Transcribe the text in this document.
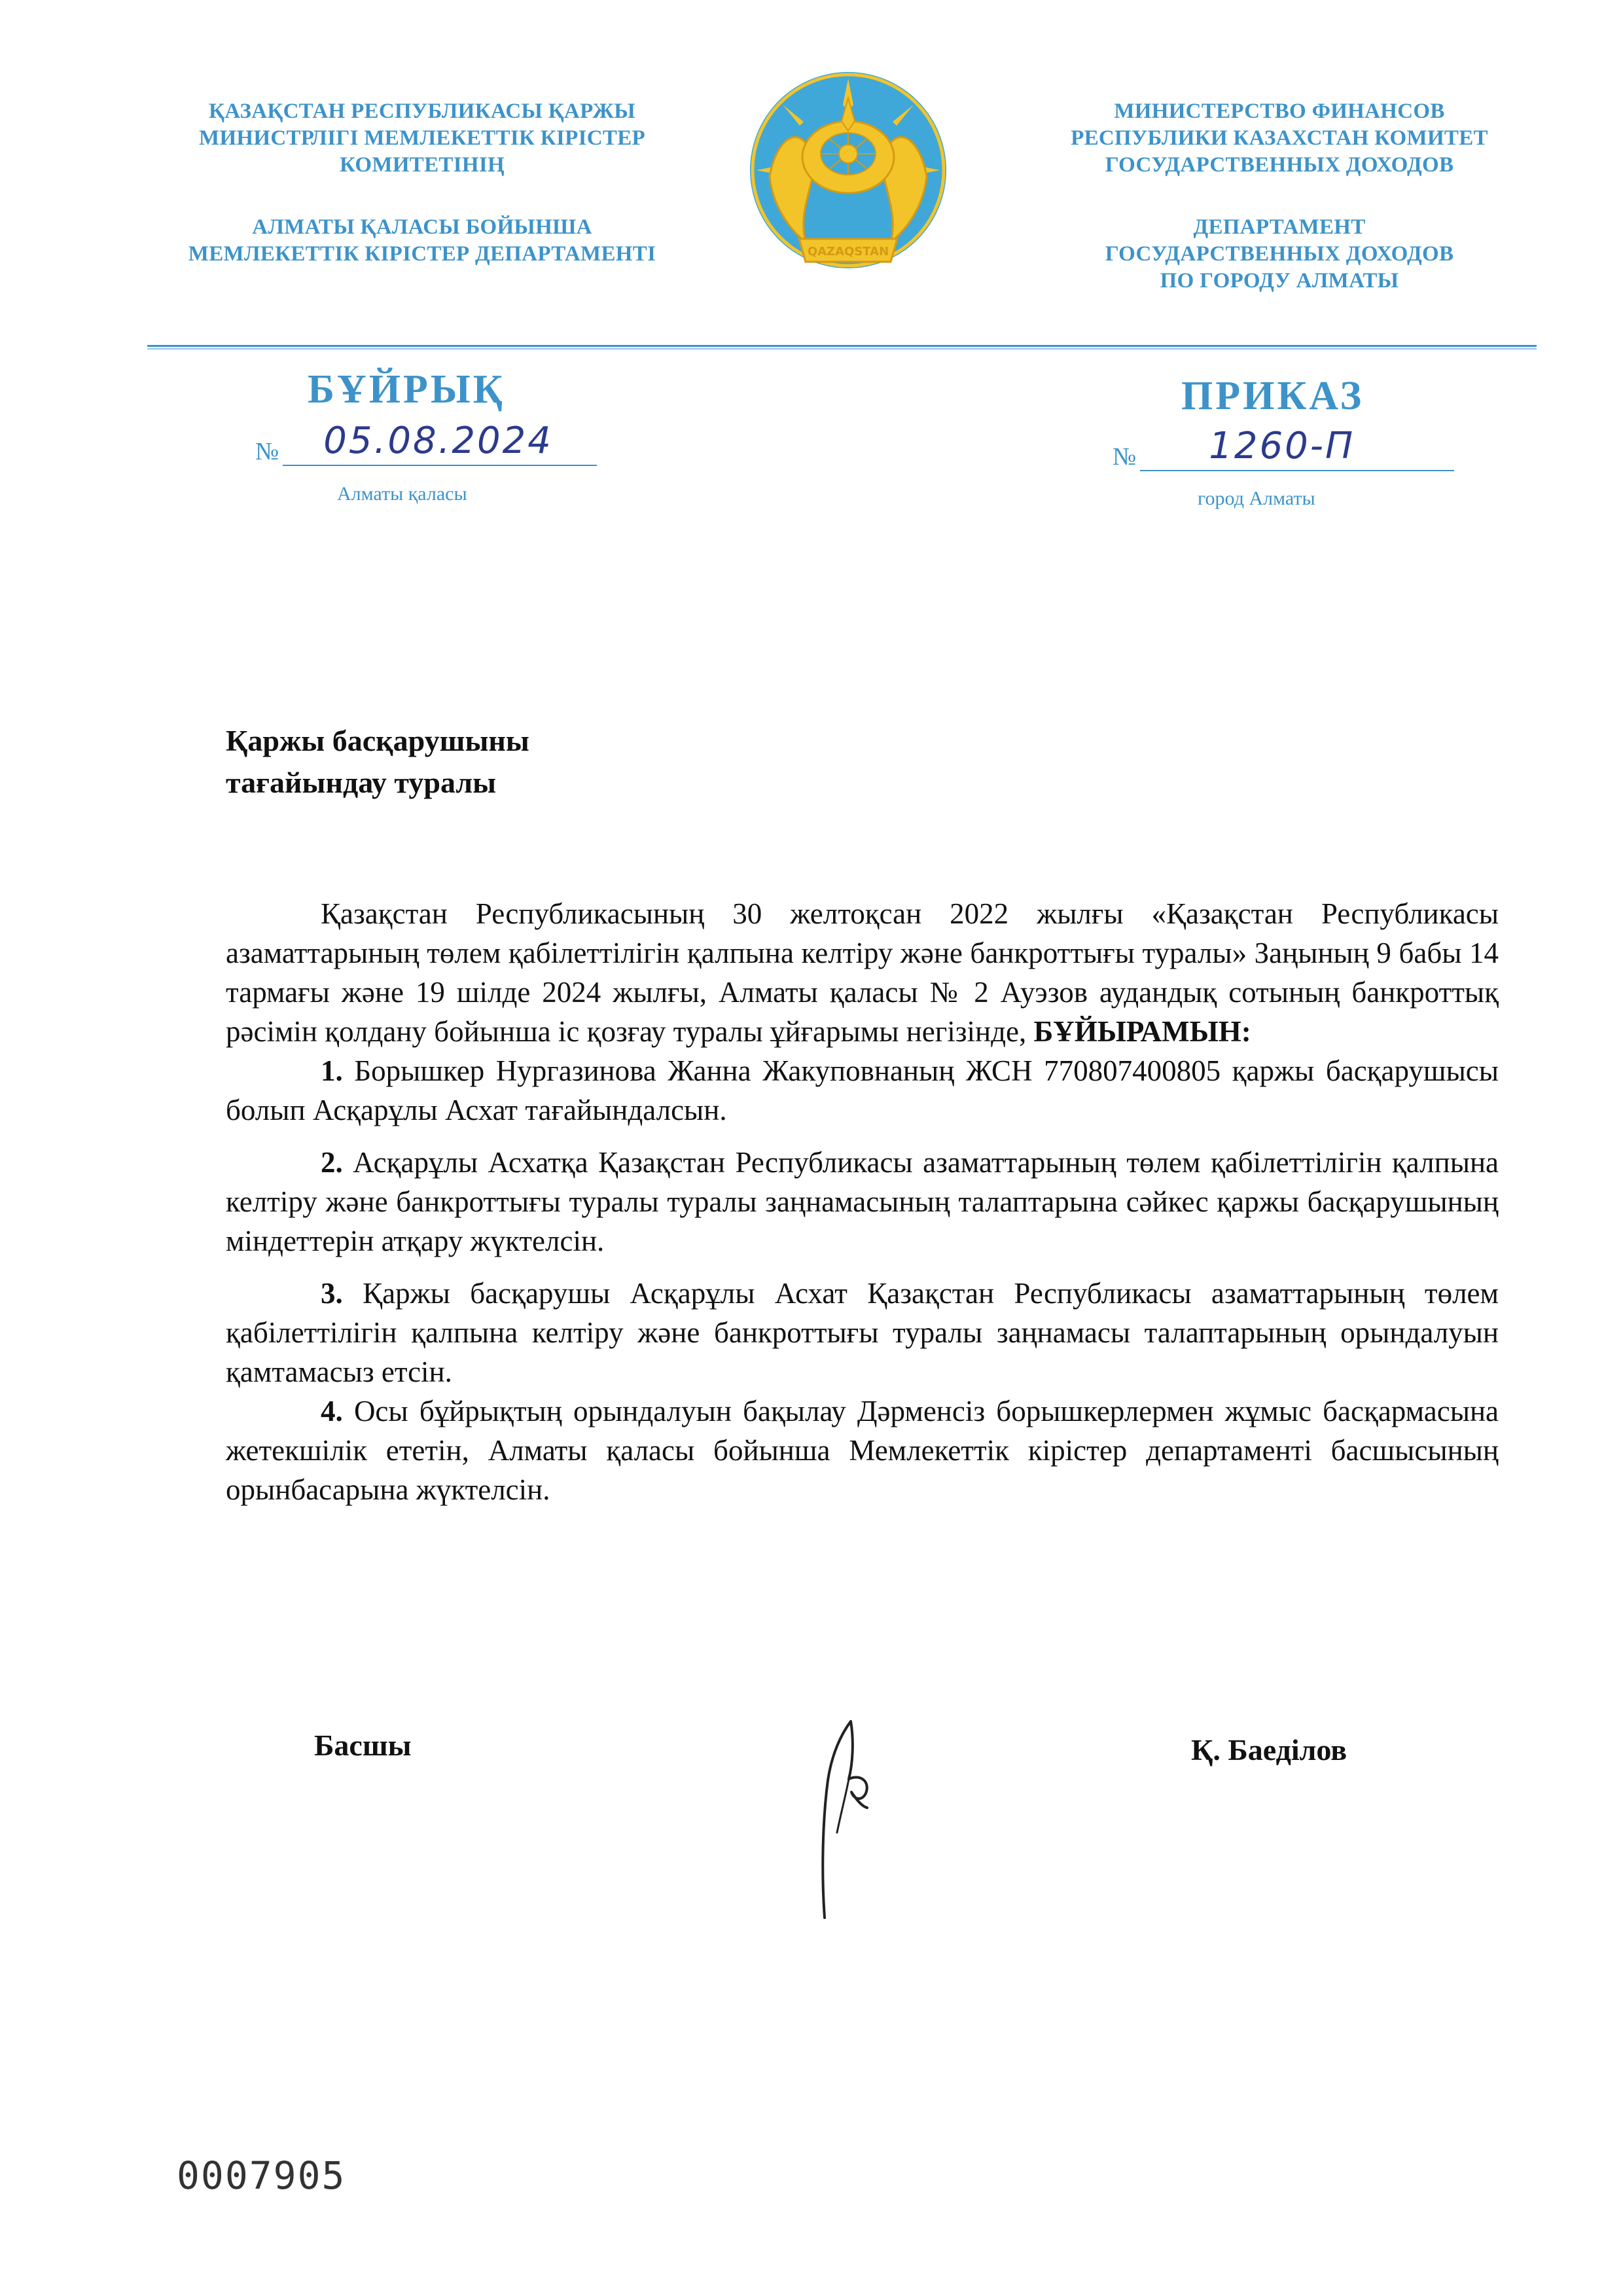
ҚАЗАҚСТАН РЕСПУБЛИКАСЫ ҚАРЖЫ

МИНИСТРЛІГІ МЕМЛЕКЕТТІК КІРІСТЕР

КОМИТЕТІНІҢ

АЛМАТЫ ҚАЛАСЫ БОЙЫНША

МЕМЛЕКЕТТІК КІРІСТЕР ДЕПАРТАМЕНТІ	QAZAQSTAN

МИНИСТЕРСТВО ФИНАНСОВ

РЕСПУБЛИКИ КАЗАХСТАН КОМИТЕТ

ГОСУДАРСТВЕННЫХ ДОХОДОВ

ДЕПАРТАМЕНТ

ГОСУДАРСТВЕННЫХ ДОХОДОВ

ПО ГОРОДУ АЛМАТЫ

БҰЙРЫҚ	ПРИКАЗ
№ 05.08.2024	№ 1260-П
Алматы қаласы	город Алматы

Қаржы басқарушыны

тағайындау туралы

Қазақстан Республикасының 30 желтоқсан 2022 жылғы «Қазақстан Республикасы азаматтарының төлем қабілеттілігін қалпына келтіру және банкроттығы туралы» Заңының 9 бабы 14 тармағы және 19 шілде 2024 жылғы, Алматы қаласы № 2 Ауэзов аудандық сотының банкроттық рәсімін қолдану бойынша іс қозғау туралы ұйғарымы негізінде, БҰЙЫРАМЫН:

1. Борышкер Нургазинова Жанна Жакуповнаның ЖСН 770807400805 қаржы басқарушысы болып Асқарұлы Асхат тағайындалсын.

2. Асқарұлы Асхатқа Қазақстан Республикасы азаматтарының төлем қабілеттілігін қалпына келтіру және банкроттығы туралы туралы заңнамасының талаптарына сәйкес қаржы басқарушының міндеттерін атқару жүктелсін.

3. Қаржы басқарушы Асқарұлы Асхат Қазақстан Республикасы азаматтарының төлем қабілеттілігін қалпына келтіру және банкроттығы туралы заңнамасы талаптарының орындалуын қамтамасыз етсін.

4. Осы бұйрықтың орындалуын бақылау Дәрменсіз борышкерлермен жұмыс басқармасына жетекшілік ететін, Алматы қаласы бойынша Мемлекеттік кірістер департаменті басшысының орынбасарына жүктелсін.

Басшы	Қ. Баеділов
0007905
